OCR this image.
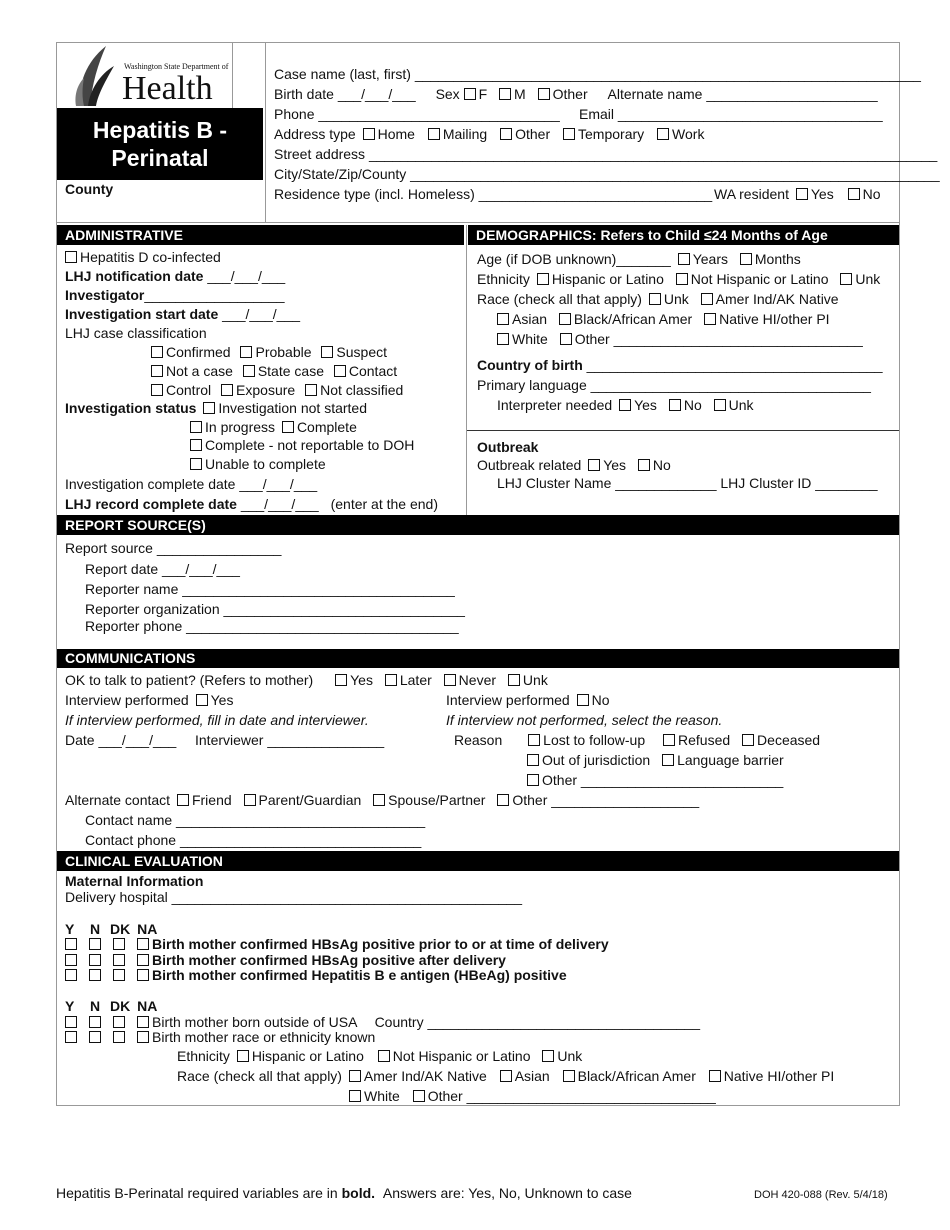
Washington State Department of
Health
Hepatitis B -
Perinatal
County
Case name (last, first) _________________________________________________________________
Birth date ___/___/___ Sex F M Other Alternate name ______________________
Phone _______________________________ Email __________________________________
Address type Home Mailing Other Temporary Work
Street address _________________________________________________________________________
City/State/Zip/County ____________________________________________________________________
Residence type (incl. Homeless) ______________________________ WA resident Yes No
ADMINISTRATIVE	DEMOGRAPHICS: Refers to Child ≤24 Months of Age
Hepatitis D co-infected
LHJ notification date ___/___/___
Investigator__________________
Investigation start date ___/___/___
LHJ case classification
Confirmed Probable Suspect
Not a case State case Contact
Control Exposure Not classified
Investigation status Investigation not started
In progress Complete
Complete - not reportable to DOH
Unable to complete
Investigation complete date ___/___/___
LHJ record complete date ___/___/___ (enter at the end)
Age (if DOB unknown)_______ Years Months
Ethnicity Hispanic or Latino Not Hispanic or Latino Unk
Race (check all that apply) Unk Amer Ind/AK Native
Asian Black/African Amer Native HI/other PI
White Other ________________________________
Country of birth ______________________________________
Primary language ____________________________________
Interpreter needed Yes No Unk
Outbreak
Outbreak related Yes No
LHJ Cluster Name _____________ LHJ Cluster ID ________
REPORT SOURCE(S)
Report source ________________
Report date ___/___/___
Reporter name ___________________________________
Reporter organization _______________________________
Reporter phone ___________________________________
COMMUNICATIONS
OK to talk to patient? (Refers to mother)	Yes Later Never Unk
Interview performed Yes	Interview performed No
If interview performed, fill in date and interviewer.	If interview not performed, select the reason.
Date ___/___/___ Interviewer _______________	Reason	Lost to follow-up Refused Deceased
Out of jurisdiction Language barrier
Other __________________________
Alternate contact Friend Parent/Guardian Spouse/Partner Other ___________________
Contact name ________________________________
Contact phone _______________________________
CLINICAL EVALUATION
Maternal Information
Delivery hospital _____________________________________________
Y N DK NA
Birth mother confirmed HBsAg positive prior to or at time of delivery
Birth mother confirmed HBsAg positive after delivery
Birth mother confirmed Hepatitis B e antigen (HBeAg) positive
Y N DK NA
Birth mother born outside of USA Country ___________________________________
Birth mother race or ethnicity known
Ethnicity Hispanic or Latino Not Hispanic or Latino Unk
Race (check all that apply) Amer Ind/AK Native Asian Black/African Amer Native HI/other PI
White Other ________________________________
Hepatitis B-Perinatal required variables are in bold. Answers are: Yes, No, Unknown to case	DOH 420-088 (Rev. 5/4/18)
